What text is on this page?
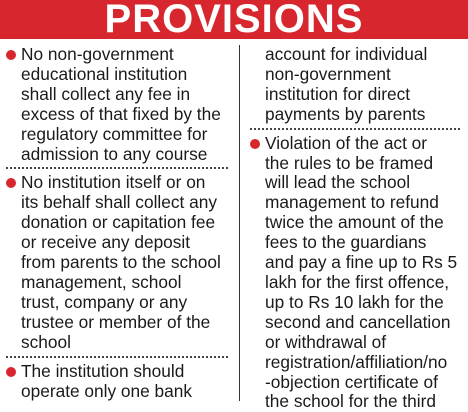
PROVISIONS
No non-government
educational institution
shall collect any fee in
excess of that fixed by the
regulatory committee for
admission to any course
No institution itself or on
its behalf shall collect any
donation or capitation fee
or receive any deposit
from parents to the school
management, school
trust, company or any
trustee or member of the
school
The institution should
operate only one bank
account for individual
non-government
institution for direct
payments by parents
Violation of the act or
the rules to be framed
will lead the school
management to refund
twice the amount of the
fees to the guardians
and pay a fine up to Rs 5
lakh for the first offence,
up to Rs 10 lakh for the
second and cancellation
or withdrawal of
registration/affiliation/no
-objection certificate of
the school for the third
